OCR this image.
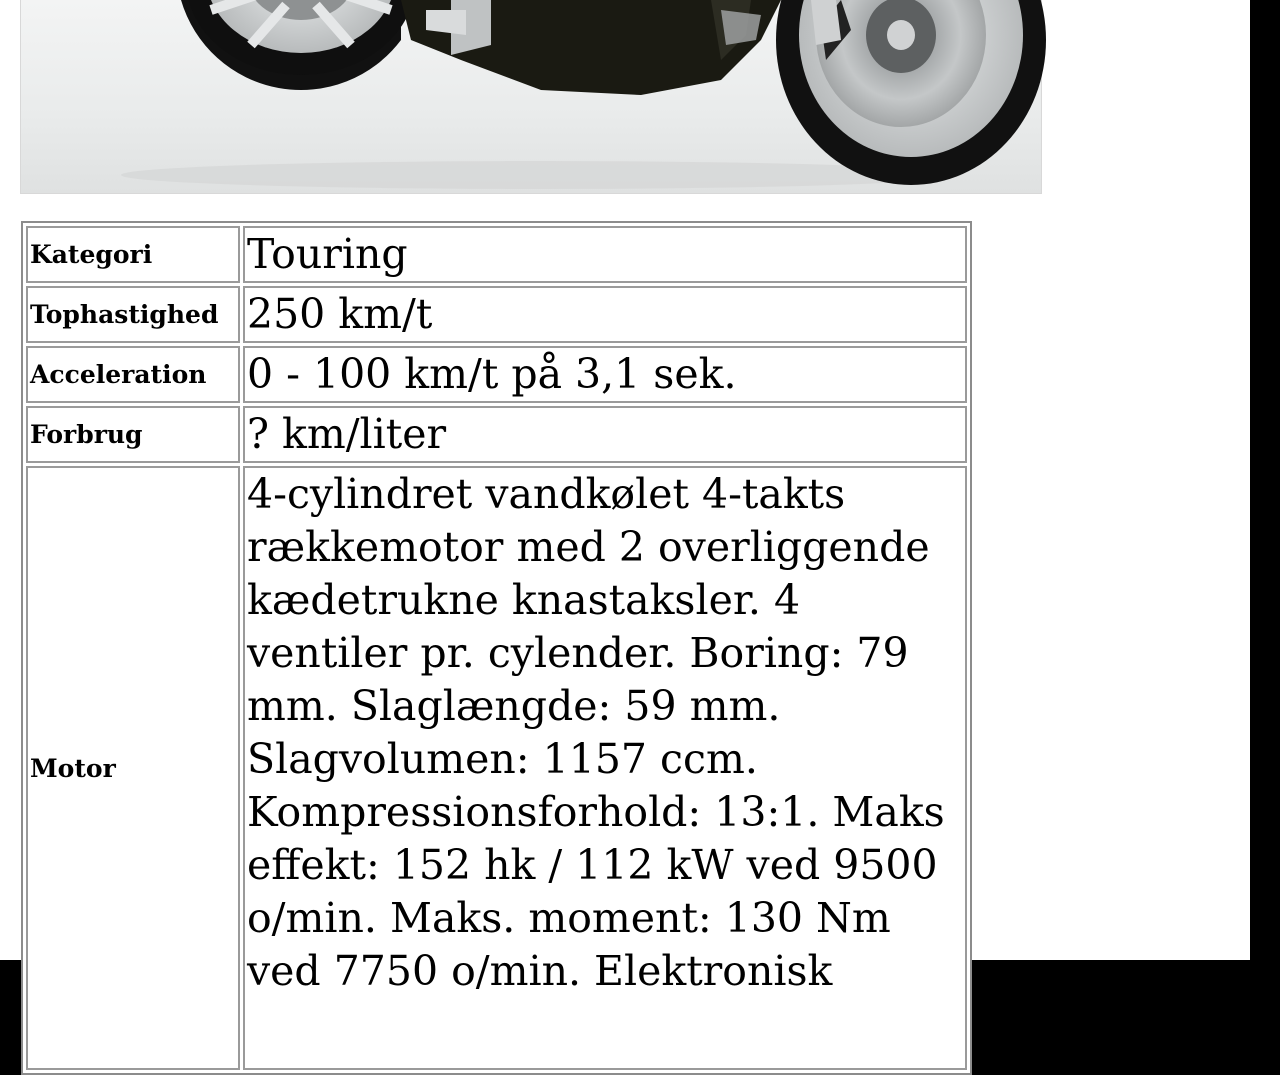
Kategori	Touring
Tophastighed	250 km/t
Acceleration	0 - 100 km/t på 3,1 sek.
Forbrug	? km/liter
Motor	4-cylindret vandkølet 4-takts rækkemotor med 2 overliggende kædetrukne knastaksler. 4 ventiler pr. cylender. Boring: 79 mm. Slaglængde: 59 mm. Slagvolumen: 1157 ccm. Kompressionsforhold: 13:1. Maks effekt: 152 hk / 112 kW ved 9500 o/min. Maks. moment: 130 Nm ved 7750 o/min. Elektronisk
